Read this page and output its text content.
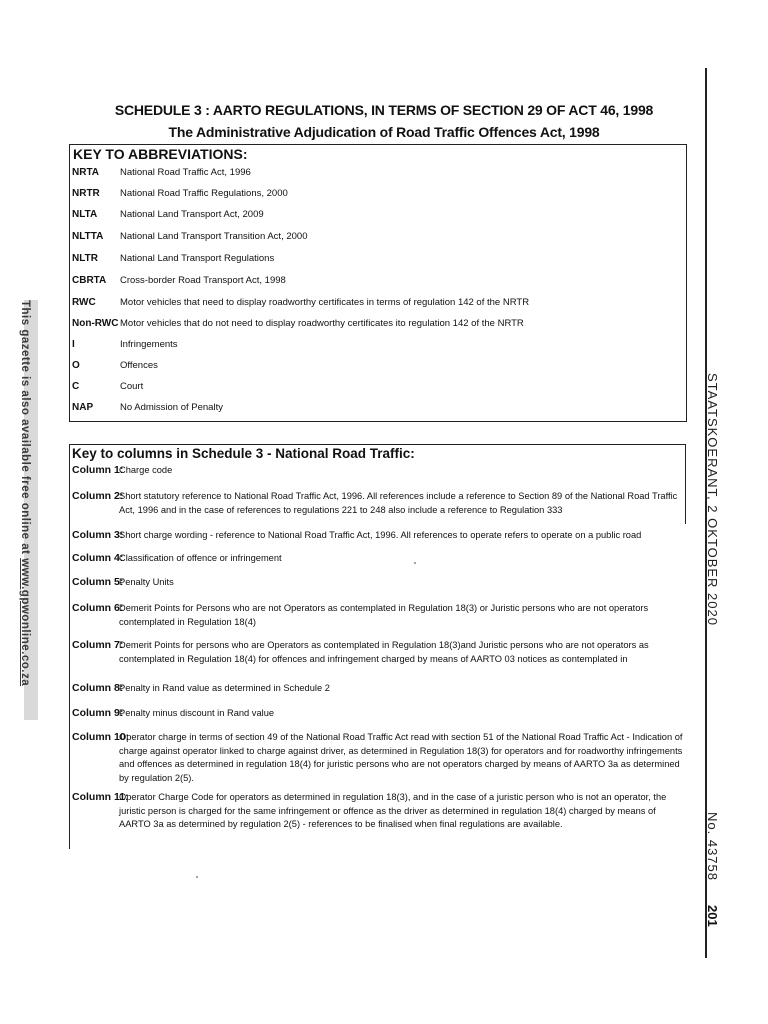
This gazette is also available free online at www.gpwonline.co.za	STAATSKOERANT, 2 OKTOBER 2020
No. 43758
201
SCHEDULE 3 : AARTO REGULATIONS, IN TERMS OF SECTION 29 OF ACT 46, 1998
The Administrative Adjudication of Road Traffic Offences Act, 1998
KEY TO ABBREVIATIONS:
NRTA National Road Traffic Act, 1996
NRTR National Road Traffic Regulations, 2000
NLTA National Land Transport Act, 2009
NLTTA National Land Transport Transition Act, 2000
NLTR National Land Transport Regulations
CBRTA Cross-border Road Transport Act, 1998
RWC	Motor vehicles that need to display roadworthy certificates in terms of regulation 142 of the NRTR
Non-RWC Motor vehicles that do not need to display roadworthy certificates ito regulation 142 of the NRTR
I	Infringements
O	Offences
C	Court
NAP	No Admission of Penalty
Key to columns in Schedule 3 - National Road Traffic:
Column 1:
Charge code
Column 2:
Short statutory reference to National Road Traffic Act, 1996. All references include a reference to Section 89 of the National Road Traffic Act, 1996 and in the case of references to regulations 221 to 248 also include a reference to Regulation 333
Column 3:
Short charge wording - reference to National Road Traffic Act, 1996. All references to operate refers to operate on a public road
Column 4:
Classification of offence or infringement
Column 5:
Penalty Units
Column 6:
Demerit Points for Persons who are not Operators as contemplated in Regulation 18(3) or Juristic persons who are not operators contemplated in Regulation 18(4)
Column 7:
Demerit Points for persons who are Operators as contemplated in Regulation 18(3)and Juristic persons who are not operators as contemplated in Regulation 18(4) for offences and infringement charged by means of AARTO 03 notices as contemplated in
Column 8:
Penalty in Rand value as determined in Schedule 2
Column 9:
Penalty minus discount in Rand value
Column 10:
Operator charge in terms of section 49 of the National Road Traffic Act read with section 51 of the National Road Traffic Act - Indication of charge against operator linked to charge against driver, as determined in Regulation 18(3) for operators and for roadworthy infringements and offences as determined in regulation 18(4) for juristic persons who are not operators charged by means of AARTO 3a as determined by regulation 2(5).
Column 11:
Operator Charge Code for operators as determined in regulation 18(3), and in the case of a juristic person who is not an operator, the juristic person is charged for the same infringement or offence as the driver as determined in regulation 18(4) charged by means of AARTO 3a as determined by regulation 2(5) - references to be finalised when final regulations are available.
